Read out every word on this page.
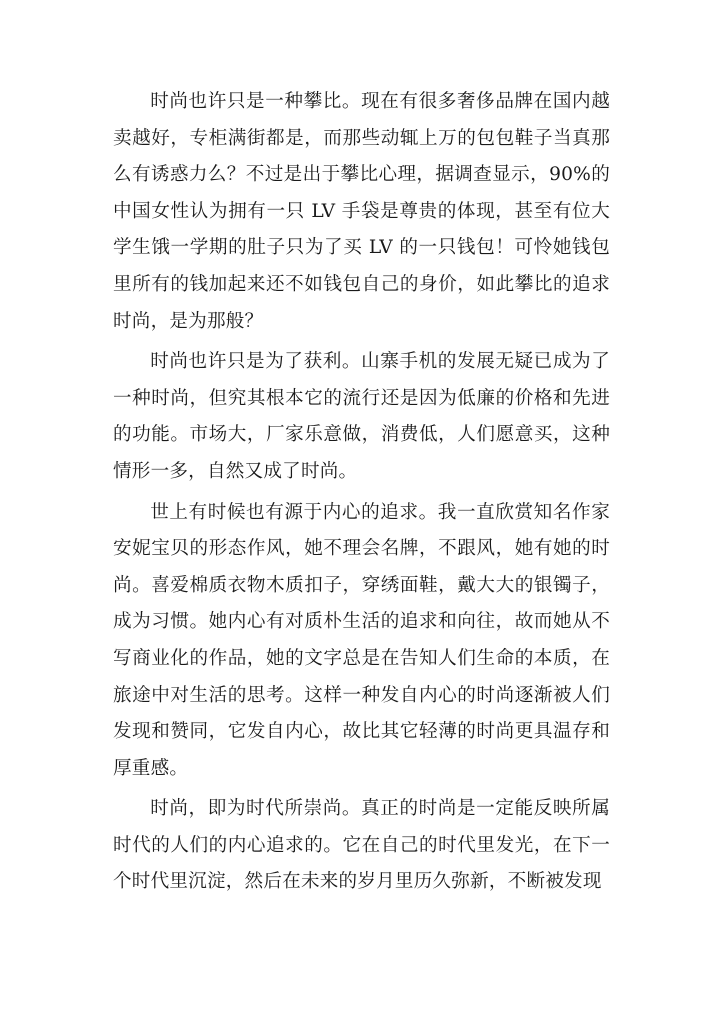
时尚也许只是一种攀比。现在有很多奢侈品牌在国内越卖越好，专柜满街都是，而那些动辄上万的包包鞋子当真那么有诱惑力么？不过是出于攀比心理，据调查显示，90%的中国女性认为拥有一只 LV 手袋是尊贵的体现，甚至有位大学生饿一学期的肚子只为了买 LV 的一只钱包！可怜她钱包里所有的钱加起来还不如钱包自己的身价，如此攀比的追求时尚，是为那般？

时尚也许只是为了获利。山寨手机的发展无疑已成为了一种时尚，但究其根本它的流行还是因为低廉的价格和先进的功能。市场大，厂家乐意做，消费低，人们愿意买，这种情形一多，自然又成了时尚。

世上有时候也有源于内心的追求。我一直欣赏知名作家安妮宝贝的形态作风，她不理会名牌，不跟风，她有她的时尚。喜爱棉质衣物木质扣子，穿绣面鞋，戴大大的银镯子，成为习惯。她内心有对质朴生活的追求和向往，故而她从不写商业化的作品，她的文字总是在告知人们生命的本质，在旅途中对生活的思考。这样一种发自内心的时尚逐渐被人们发现和赞同，它发自内心，故比其它轻薄的时尚更具温存和厚重感。

时尚，即为时代所崇尚。真正的时尚是一定能反映所属时代的人们的内心追求的。它在自己的时代里发光，在下一个时代里沉淀，然后在未来的岁月里历久弥新，不断被发现
